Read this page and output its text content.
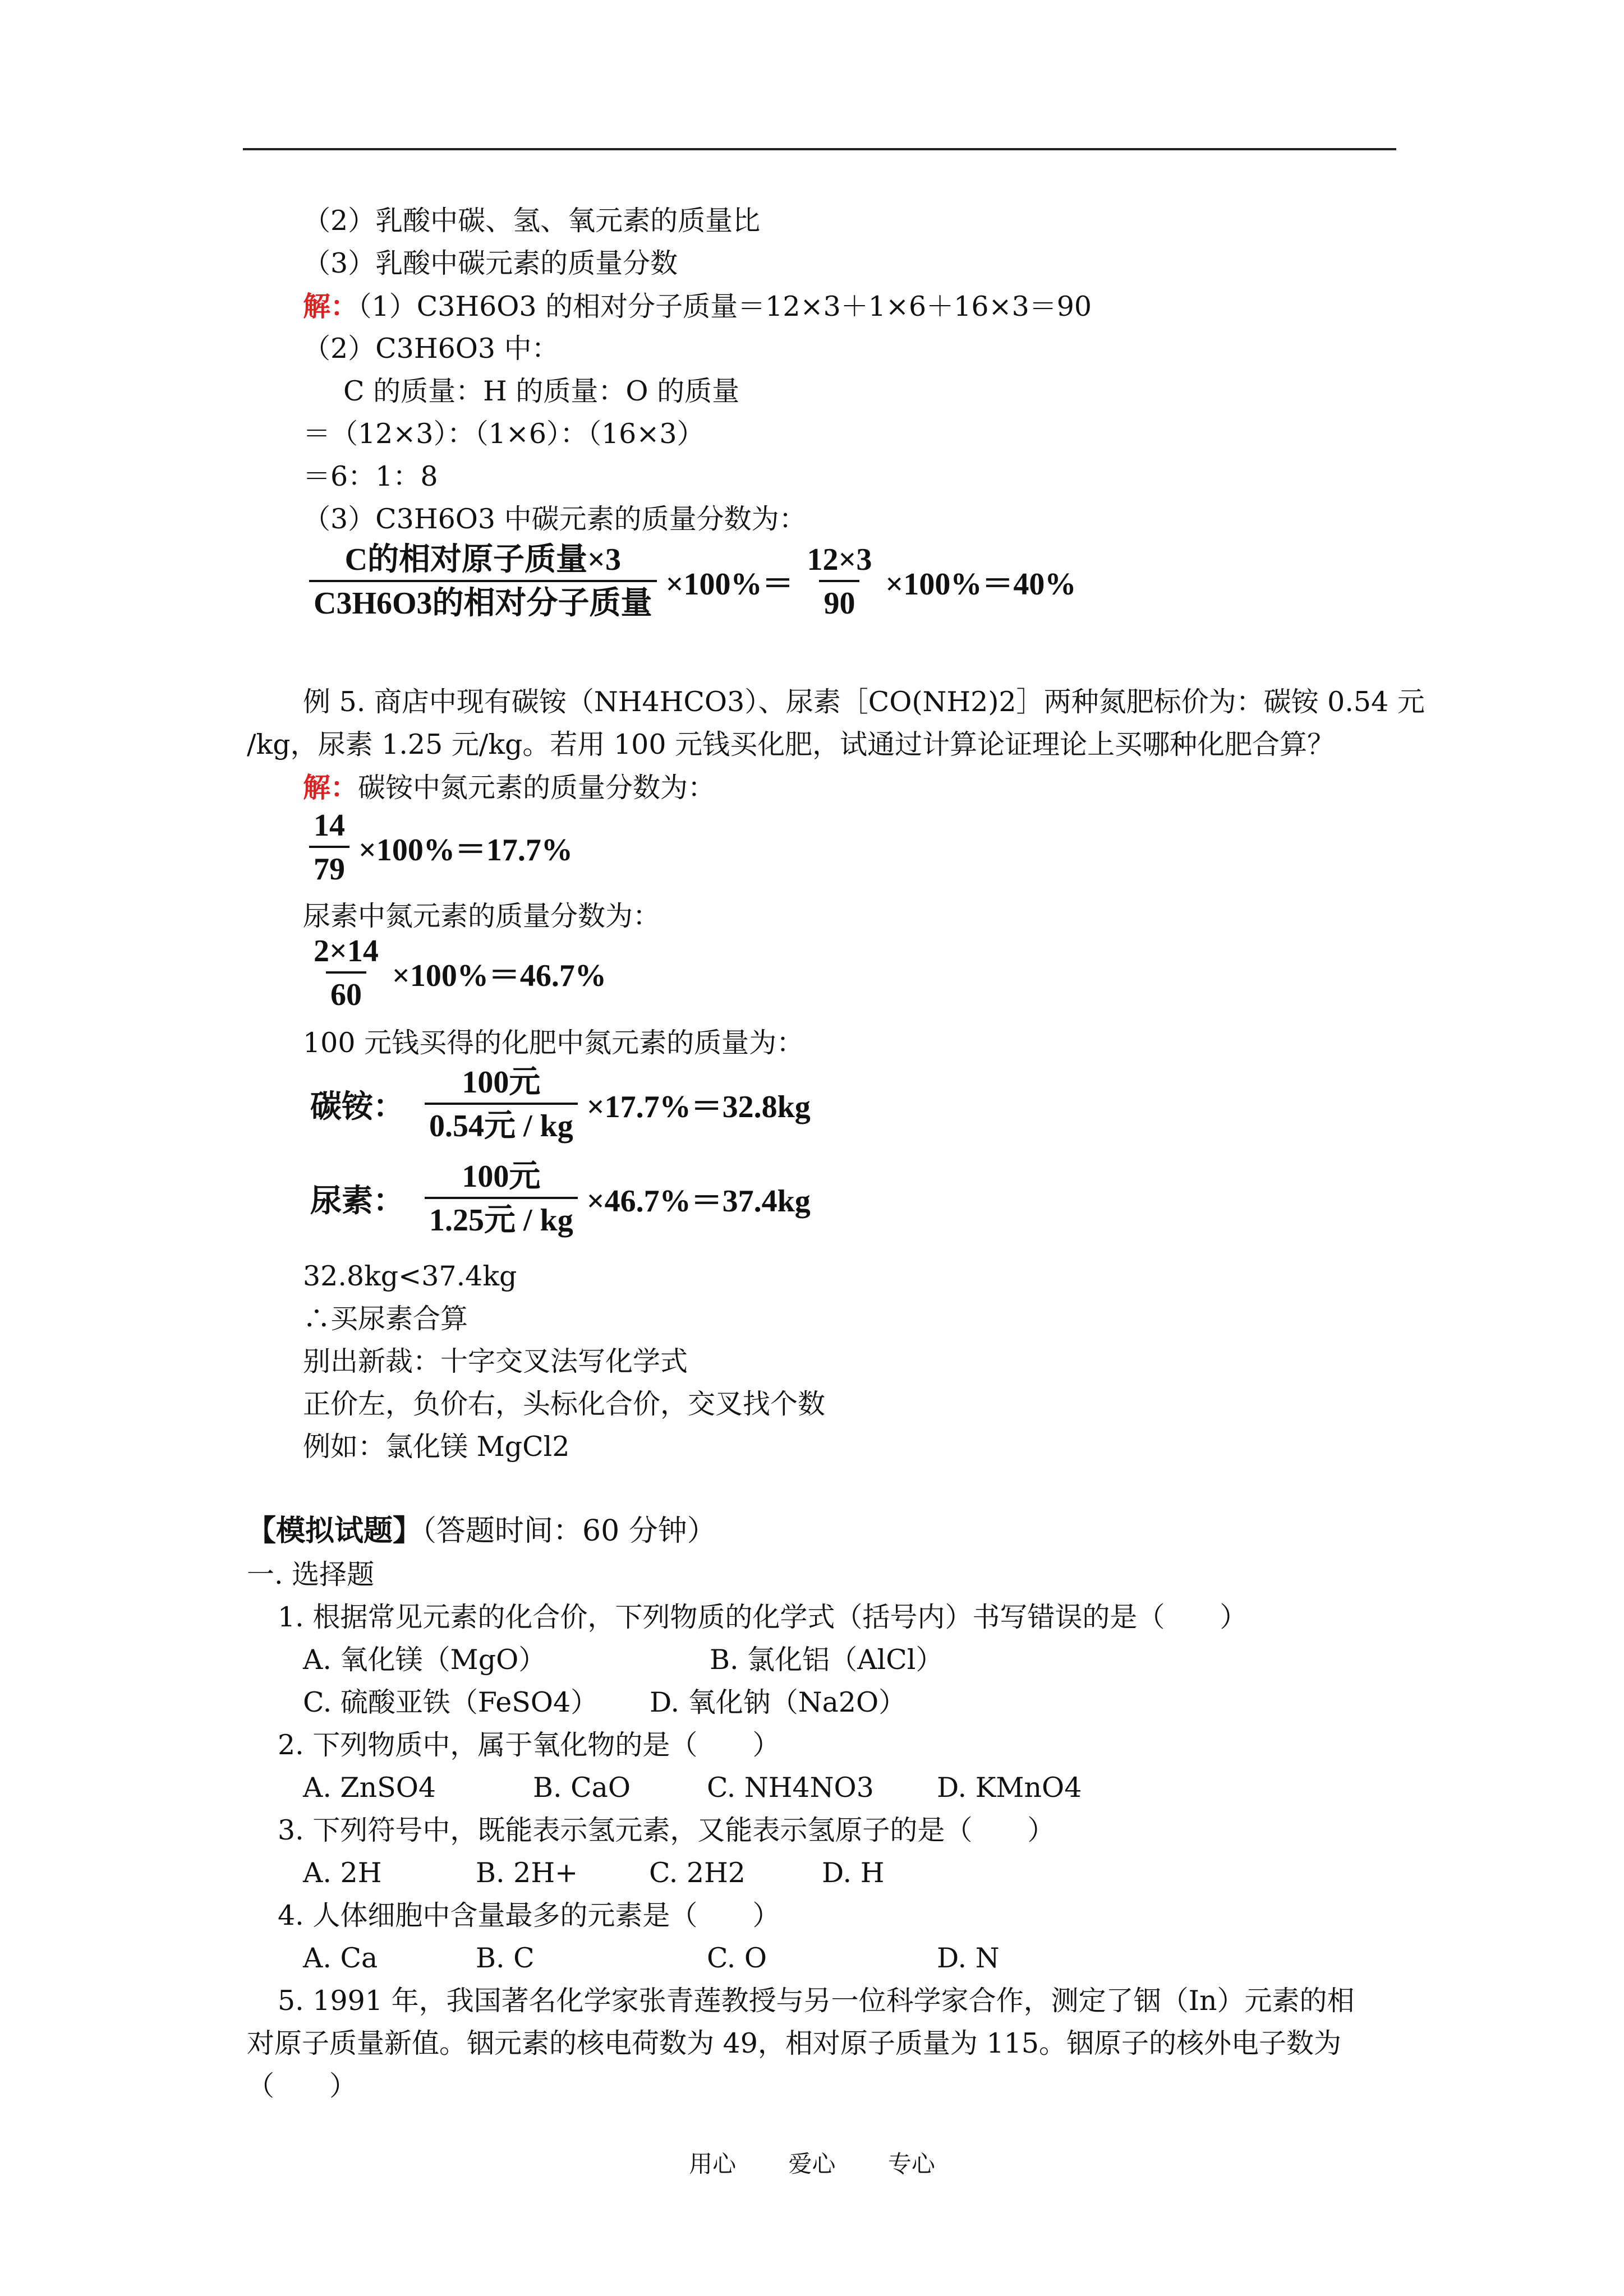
（2）乳酸中碳、氢、氧元素的质量比
（3）乳酸中碳元素的质量分数
解：（1）C3H6O3 的相对分子质量＝12×3＋1×6＋16×3＝90
（2）C3H6O3 中：
C 的质量：H 的质量：O 的质量
＝（12×3）：（1×6）：（16×3）
＝6：1：8
（3）C3H6O3 中碳元素的质量分数为：
$\frac{\text{C的相对原子质量×3}}{\text{C3H6O3的相对分子质量}} \times 100\%= \frac{12\times 3}{90} \times 100\%=40\%$
例 5. 商店中现有碳铵（NH4HCO3）、尿素［CO(NH2)2］两种氮肥标价为：碳铵 0.54 元
/kg，尿素 1.25 元/kg。若用 100 元钱买化肥，试通过计算论证理论上买哪种化肥合算？
解：碳铵中氮元素的质量分数为：
$\frac{14}{79} \times 100\%=17.7\%$
尿素中氮元素的质量分数为：
$\frac{2\times 14}{60} \times 100\%=46.7\%$
100 元钱买得的化肥中氮元素的质量为：
碳铵： $\frac{\text{100元}}{\text{0.54元 / kg}} \times 17.7\%=32.8kg$
尿素： $\frac{\text{100元}}{\text{1.25元 / kg}} \times 46.7\%=37.4kg$
32.8kg<37.4kg
∴买尿素合算
别出新裁：十字交叉法写化学式
正价左，负价右，头标化合价，交叉找个数
例如：氯化镁 MgCl2
【模拟试题】（答题时间：60 分钟）
一. 选择题
1. 根据常见元素的化合价，下列物质的化学式（括号内）书写错误的是（　　）
A. 氧化镁（MgO）	B. 氯化铝（AlCl）
C. 硫酸亚铁（FeSO4） D. 氧化钠（Na2O）
2. 下列物质中，属于氧化物的是（　　）
A. ZnSO4	B. CaO	C. NH4NO3 D. KMnO4
3. 下列符号中，既能表示氢元素，又能表示氢原子的是（　　）
A. 2H	B. 2H+	C. 2H2	D. H
4. 人体细胞中含量最多的元素是（　　）
A. Ca	B. C	C. O	D. N
5. 1991 年，我国著名化学家张青莲教授与另一位科学家合作，测定了铟（In）元素的相
对原子质量新值。铟元素的核电荷数为 49，相对原子质量为 115。铟原子的核外电子数为
（　　）
用心 爱心 专心
